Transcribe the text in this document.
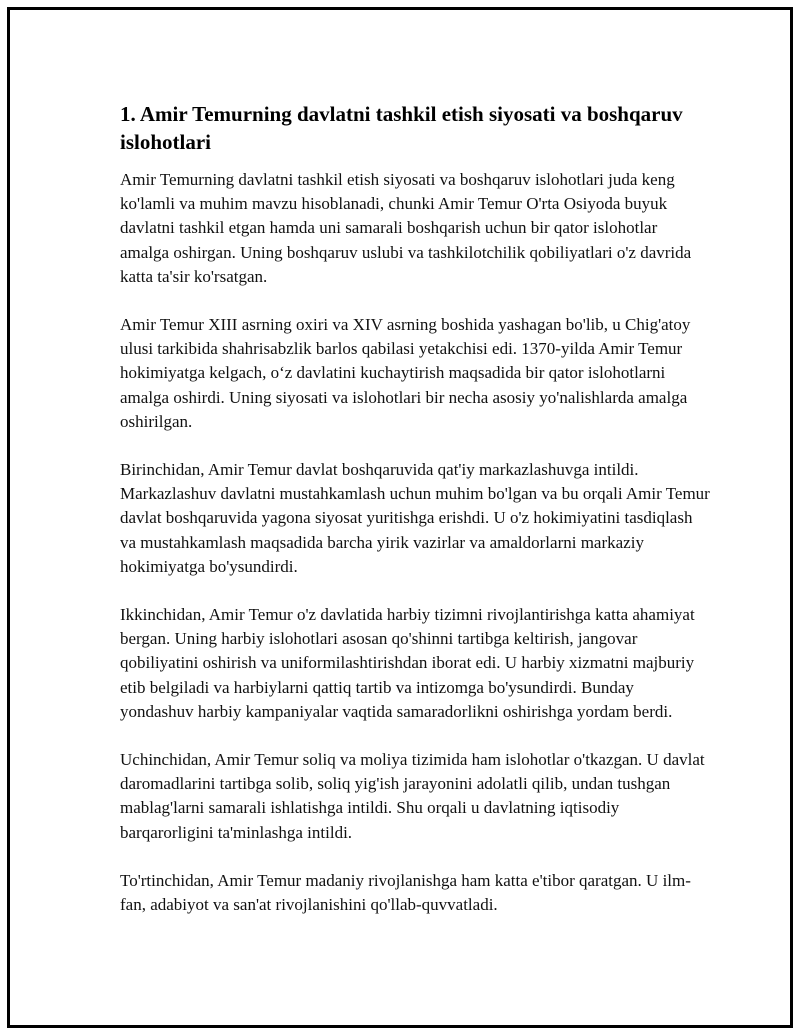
1. Amir Temurning davlatni tashkil etish siyosati va boshqaruv islohotlari

Amir Temurning davlatni tashkil etish siyosati va boshqaruv islohotlari juda keng ko'lamli va muhim mavzu hisoblanadi, chunki Amir Temur O'rta Osiyoda buyuk davlatni tashkil etgan hamda uni samarali boshqarish uchun bir qator islohotlar amalga oshirgan. Uning boshqaruv uslubi va tashkilotchilik qobiliyatlari o'z davrida katta ta'sir ko'rsatgan.

Amir Temur XIII asrning oxiri va XIV asrning boshida yashagan bo'lib, u Chig'atoy ulusi tarkibida shahrisabzlik barlos qabilasi yetakchisi edi. 1370-yilda Amir Temur hokimiyatga kelgach, o‘z davlatini kuchaytirish maqsadida bir qator islohotlarni amalga oshirdi. Uning siyosati va islohotlari bir necha asosiy yo'nalishlarda amalga oshirilgan.

Birinchidan, Amir Temur davlat boshqaruvida qat'iy markazlashuvga intildi. Markazlashuv davlatni mustahkamlash uchun muhim bo'lgan va bu orqali Amir Temur davlat boshqaruvida yagona siyosat yuritishga erishdi. U o'z hokimiyatini tasdiqlash va mustahkamlash maqsadida barcha yirik vazirlar va amaldorlarni markaziy hokimiyatga bo'ysundirdi.

Ikkinchidan, Amir Temur o'z davlatida harbiy tizimni rivojlantirishga katta ahamiyat bergan. Uning harbiy islohotlari asosan qo'shinni tartibga keltirish, jangovar qobiliyatini oshirish va uniformilashtirishdan iborat edi. U harbiy xizmatni majburiy etib belgiladi va harbiylarni qattiq tartib va intizomga bo'ysundirdi. Bunday yondashuv harbiy kampaniyalar vaqtida samaradorlikni oshirishga yordam berdi.

Uchinchidan, Amir Temur soliq va moliya tizimida ham islohotlar o'tkazgan. U davlat daromadlarini tartibga solib, soliq yig'ish jarayonini adolatli qilib, undan tushgan mablag'larni samarali ishlatishga intildi. Shu orqali u davlatning iqtisodiy barqarorligini ta'minlashga intildi.

To'rtinchidan, Amir Temur madaniy rivojlanishga ham katta e'tibor qaratgan. U ilm-fan, adabiyot va san'at rivojlanishini qo'llab-quvvatladi.
